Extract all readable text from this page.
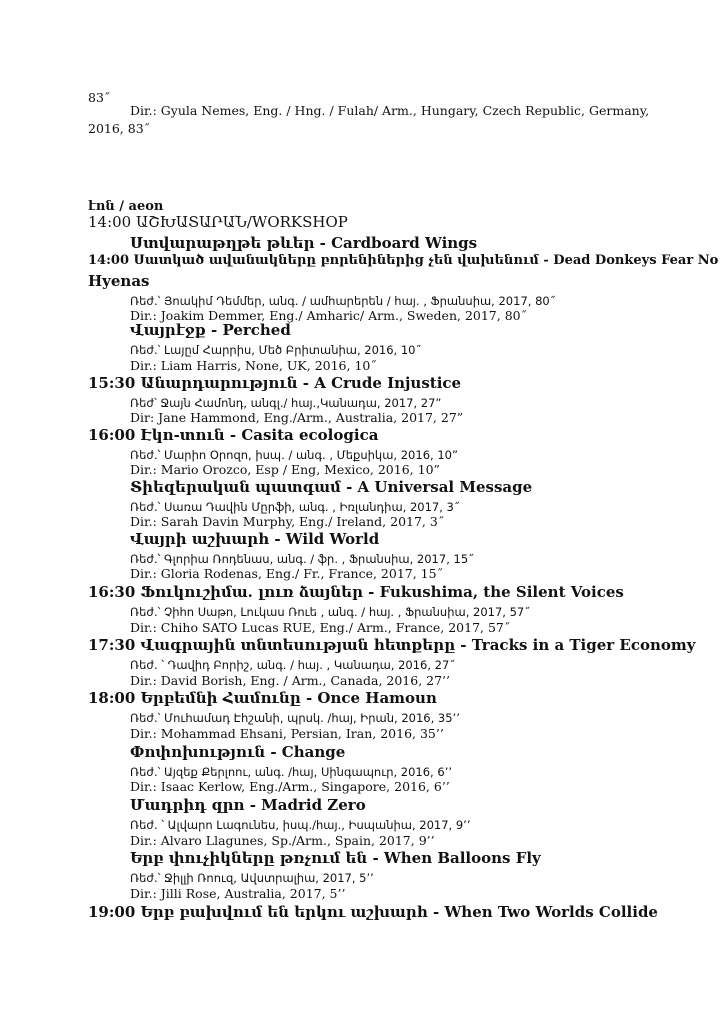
83˝
Dir.: Gyula Nemes, Eng. / Hng. / Fulah/ Arm., Hungary, Czech Republic, Germany,
2016, 83˝
էոն / aeon
14:00 ԱՇԽԱՏԱՐԱՆ/WORKSHOP
Ստվարաթղթե թևեր - Cardboard Wings
14:00 Սատկած ավանակները բորենիներից չեն վախենում - Dead Donkeys Fear No
Hyenas
Ռեժ.՝ Յոակիմ Դեմմեր, անգ. / ամհարերեն / հայ. , Ֆրանսիա, 2017, 80˝
Dir.: Joakim Demmer, Eng./ Amharic/ Arm., Sweden, 2017, 80˝
Վայրէջք - Perched
Ռեժ.՝ Լայըմ Հարրիս, Մեծ Բրիտանիա, 2016, 10˝
Dir.: Liam Harris, None, UK, 2016, 10˝
15:30 Անարդարություն - A Crude Injustice
Ռեժ՝ Ջայն Համոնդ, անգլ./ հայ.,Կանադա, 2017, 27”
Dir: Jane Hammond, Eng./Arm., Australia, 2017, 27”
16:00 Էկո-տուն - Casita ecologica
Ռեժ.՝ Մարիո Օրոզո, իսպ. / անգ. , Մեքսիկա, 2016, 10”
Dir.: Mario Orozco, Esp / Eng, Mexico, 2016, 10”
Տիեզերական պատգամ - A Universal Message
Ռեժ.՝ Սառա Դավին Մըրֆի, անգ. , Իռլանդիա, 2017, 3˝
Dir.: Sarah Davin Murphy, Eng./ Ireland, 2017, 3˝
Վայրի աշխարհ - Wild World
Ռեժ.՝ Գլորիա Ռոդենաս, անգ. / ֆր. , Ֆրանսիա, 2017, 15˝
Dir.: Gloria Rodenas, Eng./ Fr., France, 2017, 15˝
16:30 Ֆուկուշիմա. լուռ ձայներ - Fukushima, the Silent Voices
Ռեժ.՝ Չիհո Սաթո, Լուկաս Ռուե , անգ. / հայ. , Ֆրանսիա, 2017, 57˝
Dir.: Chiho SATO Lucas RUE, Eng./ Arm., France, 2017, 57˝
17:30 Վագրային տնտեսության հետքերը - Tracks in a Tiger Economy
Ռեժ. ՝ Դավիդ Բորիշ, անգ. / հայ. , Կանադա, 2016, 27˝
Dir.: David Borish, Eng. / Arm., Canada, 2016, 27’’
18:00 Երբեմնի Համունը - Once Hamoun
Ռեժ.՝ Մուհամադ Էհշանի, պրսկ. /հայ, Իրան, 2016, 35’’
Dir.: Mohammad Ehsani, Persian, Iran, 2016, 35’’
Փոփոխություն - Change
Ռեժ.՝ Այզեք Քերլոու, անգ. /հայ, Սինգապուր, 2016, 6’’
Dir.: Isaac Kerlow, Eng./Arm., Singapore, 2016, 6’’
Մադրիդ զրո - Madrid Zero
Ռեժ. ՝ Ալվարո Լագունես, իսպ./հայ., Իսպանիա, 2017, 9’’
Dir.: Alvaro Llagunes, Sp./Arm., Spain, 2017, 9’’
Երբ փուչիկները թռչում են - When Balloons Fly
Ռեժ.՝ Ջիլլի Ռոուզ, Ավստրալիա, 2017, 5’’
Dir.: Jilli Rose, Australia, 2017, 5’’
19:00 Երբ բախվում են երկու աշխարհ - When Two Worlds Collide
